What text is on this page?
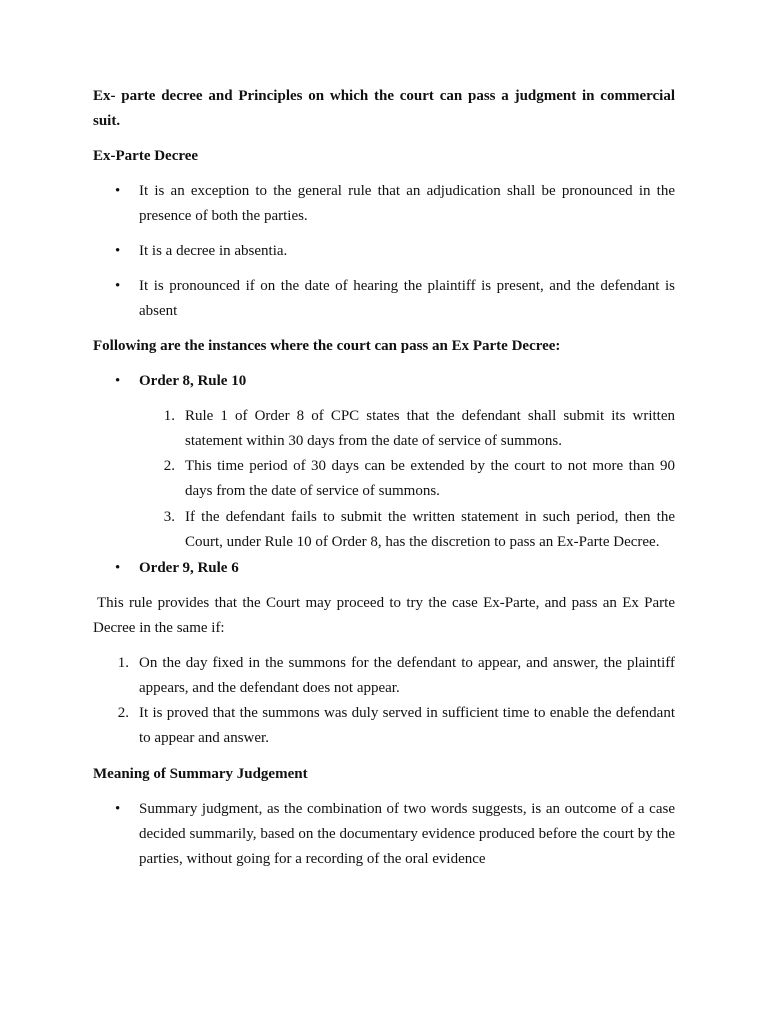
Ex- parte decree and Principles on which the court can pass a judgment in commercial suit.

Ex-Parte Decree

•

It is an exception to the general rule that an adjudication shall be pronounced in the presence of both the parties.

•

It is a decree in absentia.

•

It is pronounced if on the date of hearing the plaintiff is present, and the defendant is absent

Following are the instances where the court can pass an Ex Parte Decree:

•

Order 8, Rule 10

1. Rule 1 of Order 8 of CPC states that the defendant shall submit its written statement within 30 days from the date of service of summons.

2. This time period of 30 days can be extended by the court to not more than 90 days from the date of service of summons.

3. If the defendant fails to submit the written statement in such period, then the Court, under Rule 10 of Order 8, has the discretion to pass an Ex-Parte Decree.

•

Order 9, Rule 6

This rule provides that the Court may proceed to try the case Ex-Parte, and pass an Ex Parte Decree in the same if:

1. On the day fixed in the summons for the defendant to appear, and answer, the plaintiff appears, and the defendant does not appear.

2. It is proved that the summons was duly served in sufficient time to enable the defendant to appear and answer.

Meaning of Summary Judgement

•

Summary judgment, as the combination of two words suggests, is an outcome of a case decided summarily, based on the documentary evidence produced before the court by the parties, without going for a recording of the oral evidence
